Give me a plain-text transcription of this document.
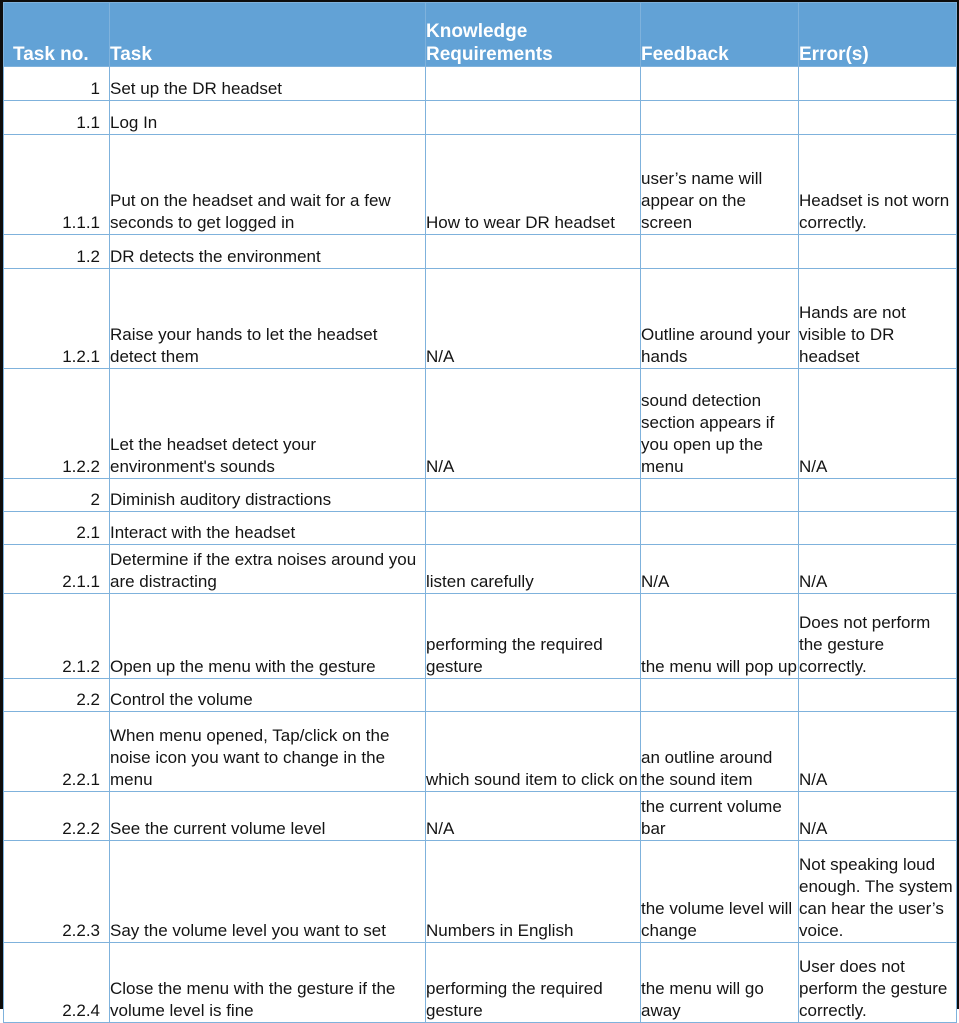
Task no.	Task	Knowledge Requirements	Feedback	Error(s)
1	Set up the DR headset			
1.1	Log In			
1.1.1	Put on the headset and wait for a few seconds to get logged in	How to wear DR headset	user’s name will appear on the screen	Headset is not worn correctly.
1.2	DR detects the environment			
1.2.1	Raise your hands to let the headset detect them	N/A	Outline around your hands	Hands are not visible to DR headset
1.2.2	Let the headset detect your environment's sounds	N/A	sound detection section appears if you open up the menu	N/A
2	Diminish auditory distractions			
2.1	Interact with the headset			
2.1.1	Determine if the extra noises around you are distracting	listen carefully	N/A	N/A
2.1.2	Open up the menu with the gesture	performing the required gesture	the menu will pop up	Does not perform the gesture correctly.
2.2	Control the volume			
2.2.1	When menu opened, Tap/click on the noise icon you want to change in the menu	which sound item to click on	an outline around the sound item	N/A
2.2.2	See the current volume level	N/A	the current volume bar	N/A
2.2.3	Say the volume level you want to set	Numbers in English	the volume level will change	Not speaking loud enough. The system can hear the user’s voice.
2.2.4	Close the menu with the gesture if the volume level is fine	performing the required gesture	the menu will go away	User does not perform the gesture correctly.
